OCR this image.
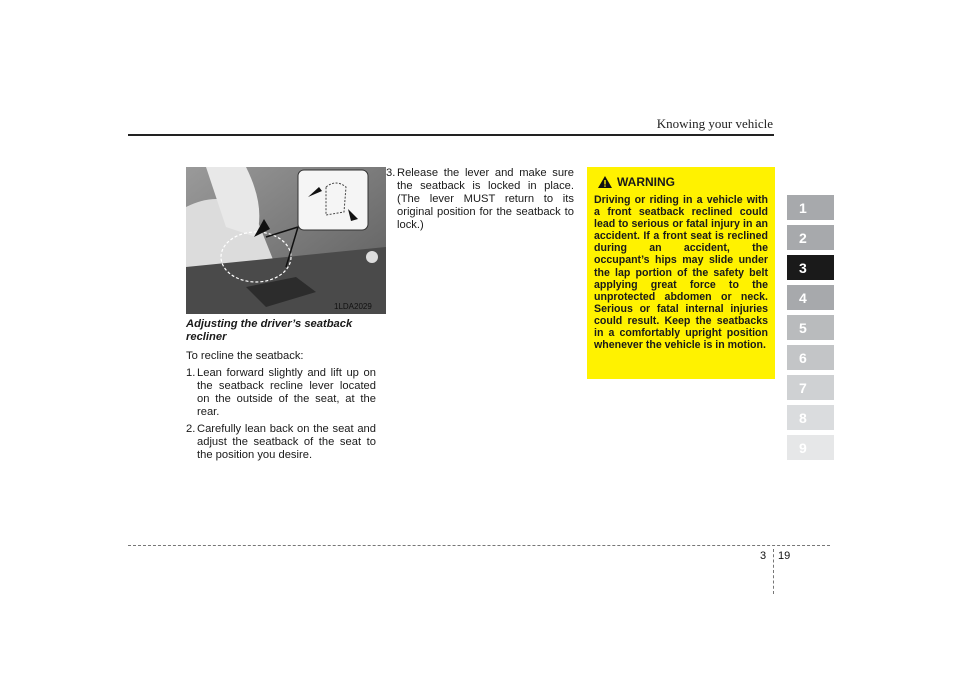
Knowing your vehicle
1LDA2029

Adjusting the driver’s seatback recliner

To recline the seatback:

1. Lean forward slightly and lift up on the seatback recline lever located on the outside of the seat, at the rear.
2. Carefully lean back on the seat and adjust the seatback of the seat to the position you desire.
3. Release the lever and make sure the seatback is locked in place. (The lever MUST return to its original position for the seatback to lock.)
WARNING
Driving or riding in a vehicle with a front seatback reclined could lead to serious or fatal injury in an accident. If a front seat is reclined during an accident, the occupant’s hips may slide under the lap portion of the safety belt applying great force to the unprotected abdomen or neck. Serious or fatal internal injuries could result. Keep the seatbacks in a comfortably upright position whenever the vehicle is in motion.
1
2
3
4
5
6
7
8
9
3 19
